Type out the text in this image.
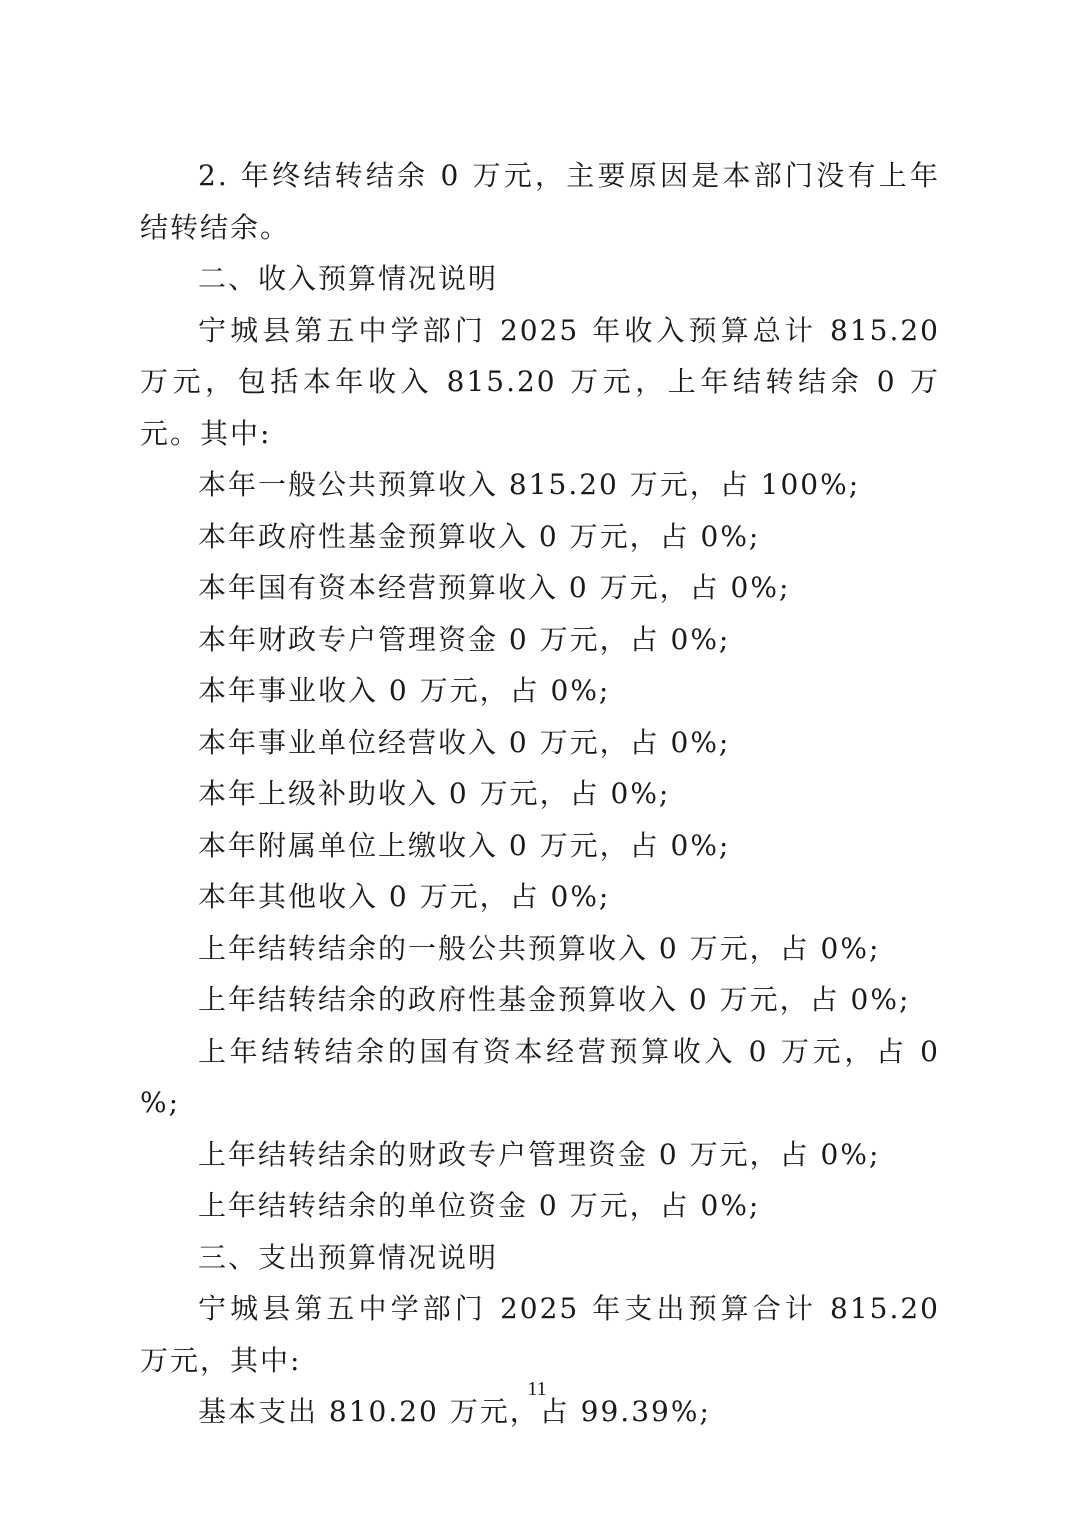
2. 年终结转结余 0 万元，主要原因是本部门没有上年结转结余。

二、收入预算情况说明

宁城县第五中学部门 2025 年收入预算总计 815.20 万元，包括本年收入 815.20 万元，上年结转结余 0 万元。其中:

本年一般公共预算收入 815.20 万元，占 100%;

本年政府性基金预算收入 0 万元，占 0%;

本年国有资本经营预算收入 0 万元，占 0%;

本年财政专户管理资金 0 万元，占 0%;

本年事业收入 0 万元，占 0%;

本年事业单位经营收入 0 万元，占 0%;

本年上级补助收入 0 万元，占 0%;

本年附属单位上缴收入 0 万元，占 0%;

本年其他收入 0 万元，占 0%;

上年结转结余的一般公共预算收入 0 万元，占 0%;

上年结转结余的政府性基金预算收入 0 万元，占 0%;

上年结转结余的国有资本经营预算收入 0 万元，占 0 %;

上年结转结余的财政专户管理资金 0 万元，占 0%;

上年结转结余的单位资金 0 万元，占 0%;

三、支出预算情况说明

宁城县第五中学部门 2025 年支出预算合计 815.20 万元，其中:

基本支出 810.20 万元，占 99.39%;

11
